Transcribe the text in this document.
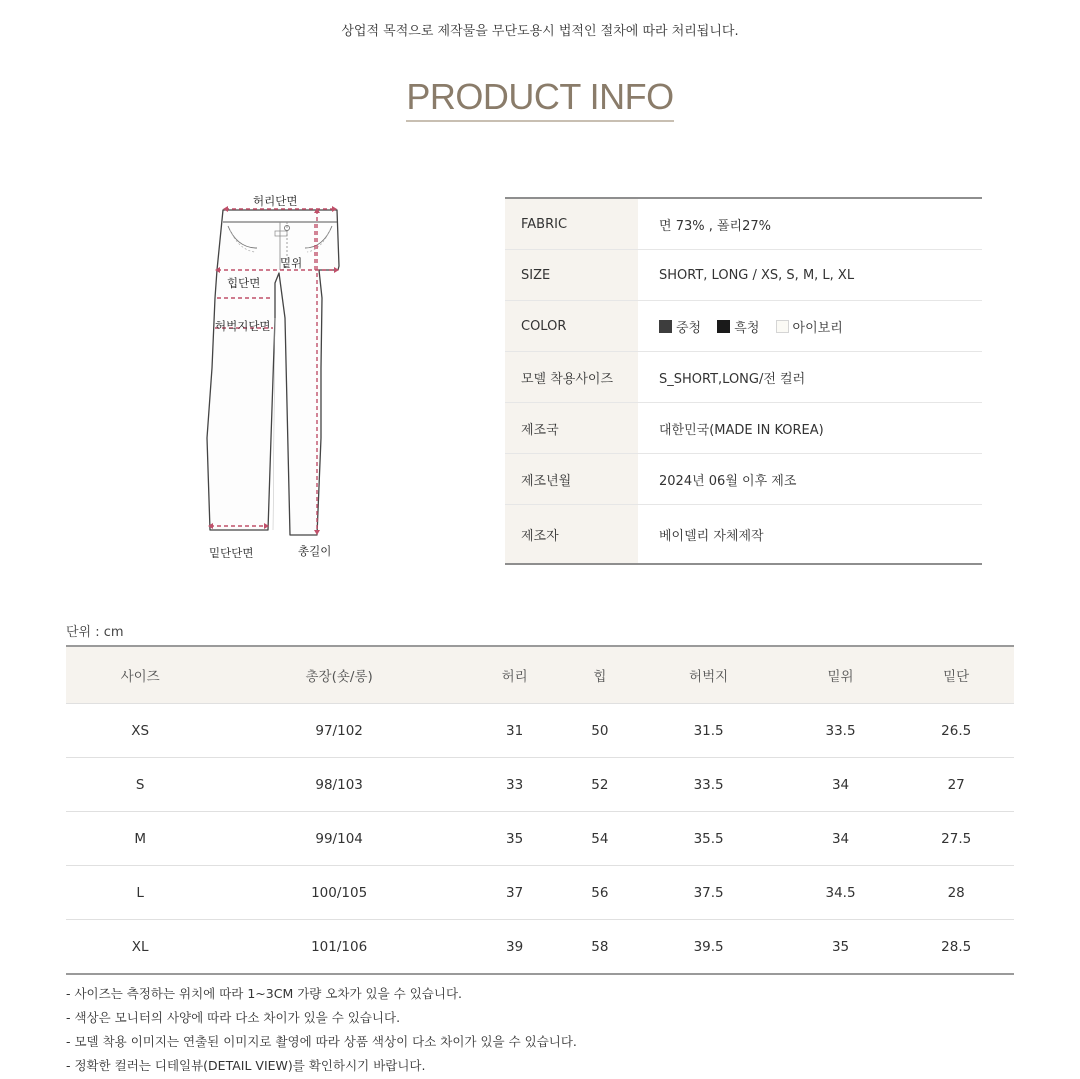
상업적 목적으로 제작물을 무단도용시 법적인 절차에 따라 처리됩니다.
PRODUCT INFO
허리단면
밑위
힙단면
허벅지단면
밑단단면	총길이
FABRIC	면 73% , 폴리27%
SIZE	SHORT, LONG / XS, S, M, L, XL
COLOR	중청 흑청 아이보리
모델 착용사이즈	S_SHORT,LONG/전 컬러
제조국	대한민국(MADE IN KOREA)
제조년월	2024년 06월 이후 제조
제조자	베이델리 자체제작
단위 : cm
사이즈	총장(숏/롱)	허리	힙	허벅지	밑위	밑단
XS	97/102	31	50	31.5	33.5	26.5
S	98/103	33	52	33.5	34	27
M	99/104	35	54	35.5	34	27.5
L	100/105	37	56	37.5	34.5	28
XL	101/106	39	58	39.5	35	28.5
- 사이즈는 측정하는 위치에 따라 1~3CM 가량 오차가 있을 수 있습니다.
- 색상은 모니터의 사양에 따라 다소 차이가 있을 수 있습니다.
- 모델 착용 이미지는 연출된 이미지로 촬영에 따라 상품 색상이 다소 차이가 있을 수 있습니다.
- 정확한 컬러는 디테일뷰(DETAIL VIEW)를 확인하시기 바랍니다.
